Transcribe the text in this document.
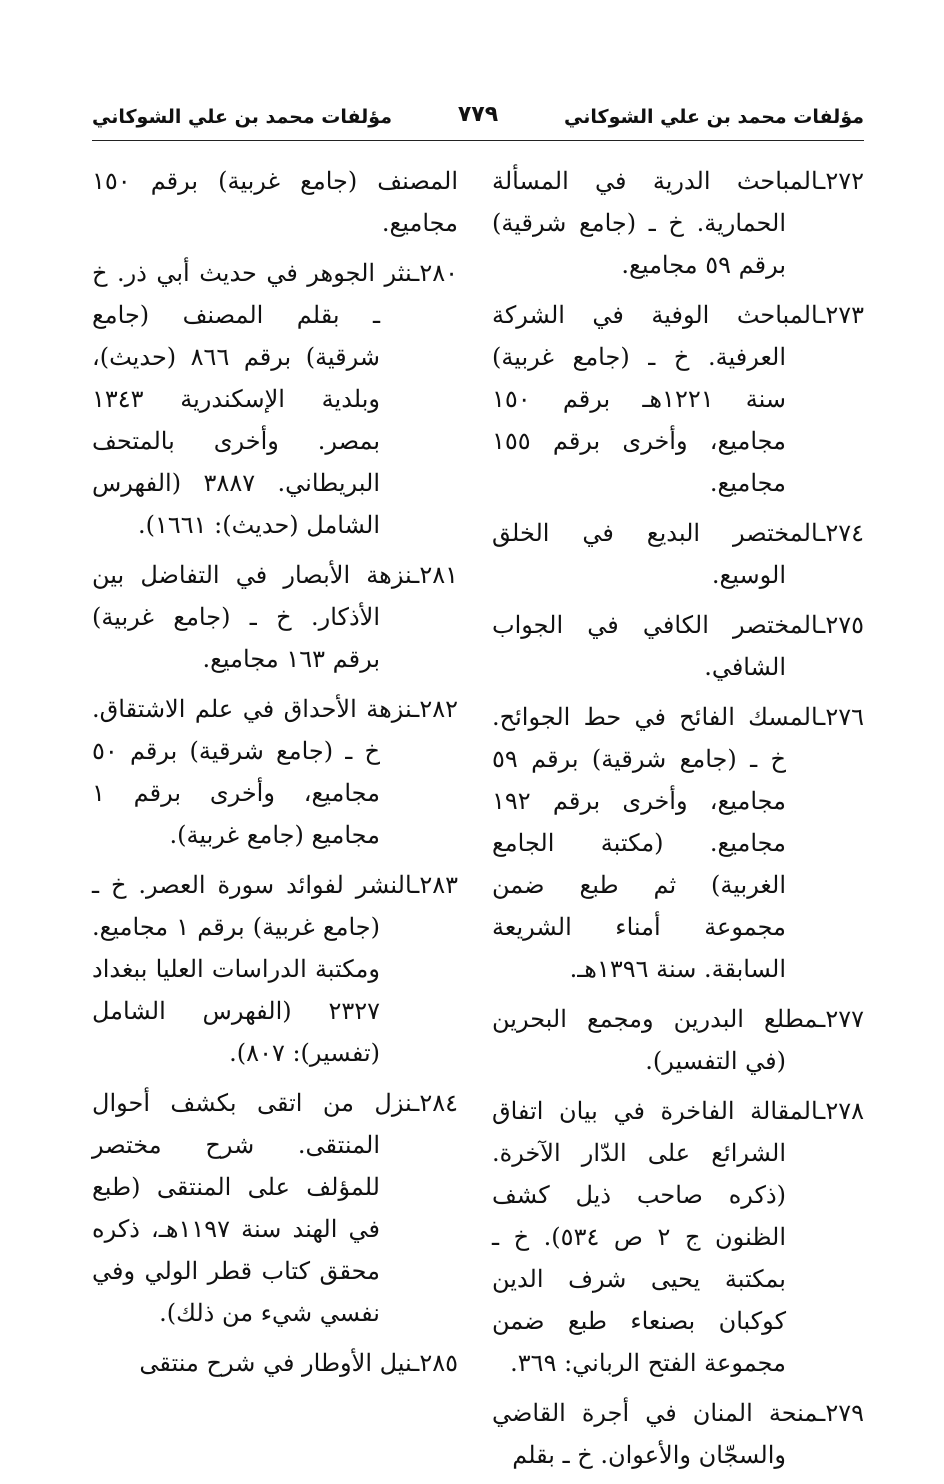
مؤلفات محمد بن علي الشوكاني
٧٧٩
مؤلفات محمد بن علي الشوكاني

٢٧٢ـالمباحث الدرية في المسألة الحمارية. خ ـ (جامع شرقية) برقم ٥٩ مجاميع.

٢٧٣ـالمباحث الوفية في الشركة العرفية. خ ـ (جامع غربية) سنة ١٢٢١هـ برقم ١٥٠ مجاميع، وأخرى برقم ١٥٥ مجاميع.

٢٧٤ـالمختصر البديع في الخلق الوسيع.

٢٧٥ـالمختصر الكافي في الجواب الشافي.

٢٧٦ـالمسك الفائح في حط الجوائح. خ ـ (جامع شرقية) برقم ٥٩ مجاميع، وأخرى برقم ١٩٢ مجاميع. (مكتبة الجامع الغربية) ثم طبع ضمن مجموعة أمناء الشريعة السابقة. سنة ١٣٩٦هـ.

٢٧٧ـمطلع البدرين ومجمع البحرين (في التفسير).

٢٧٨ـالمقالة الفاخرة في بيان اتفاق الشرائع على الدّار الآخرة. (ذكره صاحب ذيل كشف الظنون ج ٢ ص ٥٣٤). خ ـ بمكتبة يحيى شرف الدين كوكبان بصنعاء طبع ضمن مجموعة الفتح الرباني: ٣٦٩.

٢٧٩ـمنحة المنان في أجرة القاضي والسجّان والأعوان. خ ـ بقلم

المصنف (جامع غربية) برقم ١٥٠ مجاميع.

٢٨٠ـنثر الجوهر في حديث أبي ذر. خ ـ بقلم المصنف (جامع شرقية) برقم ٨٦٦ (حديث)، وبلدية الإسكندرية ١٣٤٣ بمصر. وأخرى بالمتحف البريطاني. ٣٨٨٧ (الفهرس الشامل (حديث): ١٦٦١).

٢٨١ـنزهة الأبصار في التفاضل بين الأذكار. خ ـ (جامع غربية) برقم ١٦٣ مجاميع.

٢٨٢ـنزهة الأحداق في علم الاشتقاق. خ ـ (جامع شرقية) برقم ٥٠ مجاميع، وأخرى برقم ١ مجاميع (جامع غربية).

٢٨٣ـالنشر لفوائد سورة العصر. خ ـ (جامع غربية) برقم ١ مجاميع. ومكتبة الدراسات العليا ببغداد ٢٣٢٧ (الفهرس الشامل (تفسير): ٨٠٧).

٢٨٤ـنزل من اتقى بكشف أحوال المنتقى. شرح مختصر للمؤلف على المنتقى (طبع في الهند سنة ١١٩٧هـ، ذكره محقق كتاب قطر الولي وفي نفسي شيء من ذلك).

٢٨٥ـنيل الأوطار في شرح منتقى
